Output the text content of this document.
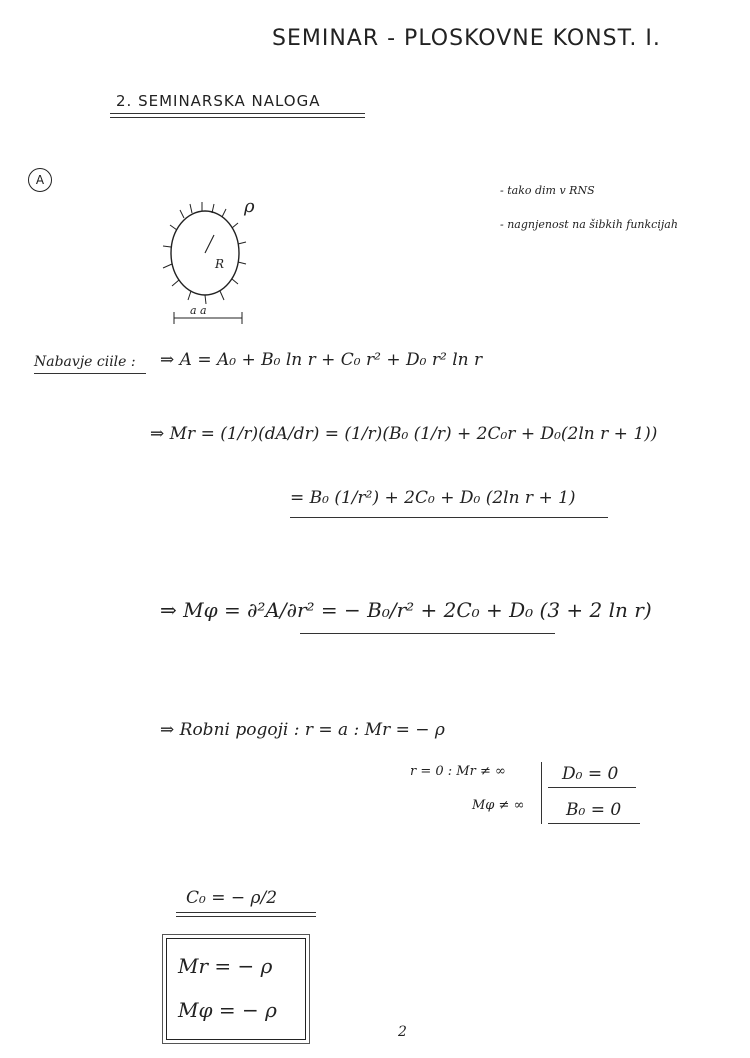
SEMINAR - PLOSKOVNE KONST. I.
2. SEMINARSKA NALOGA
A
- tako dim v RNS
- nagnjenost na šibkih funkcijah
ρ
R
a a
Nabavje ciile : ⇒ A = A₀ + B₀ ln r + C₀ r² + D₀ r² ln r
⇒ Mr = (1/r)(dA/dr) = (1/r)(B₀ (1/r) + 2C₀r + D₀(2ln r + 1))
= B₀ (1/r²) + 2C₀ + D₀ (2ln r + 1)
⇒ Mφ = ∂²A/∂r² = − B₀/r² + 2C₀ + D₀ (3 + 2 ln r)
⇒ Robni pogoji : r = a : Mr = − ρ
r = 0 : Mr ≠ ∞
Mφ ≠ ∞
D₀ = 0
B₀ = 0
C₀ = − ρ/2
Mr = − ρ
Mφ = − ρ
2
